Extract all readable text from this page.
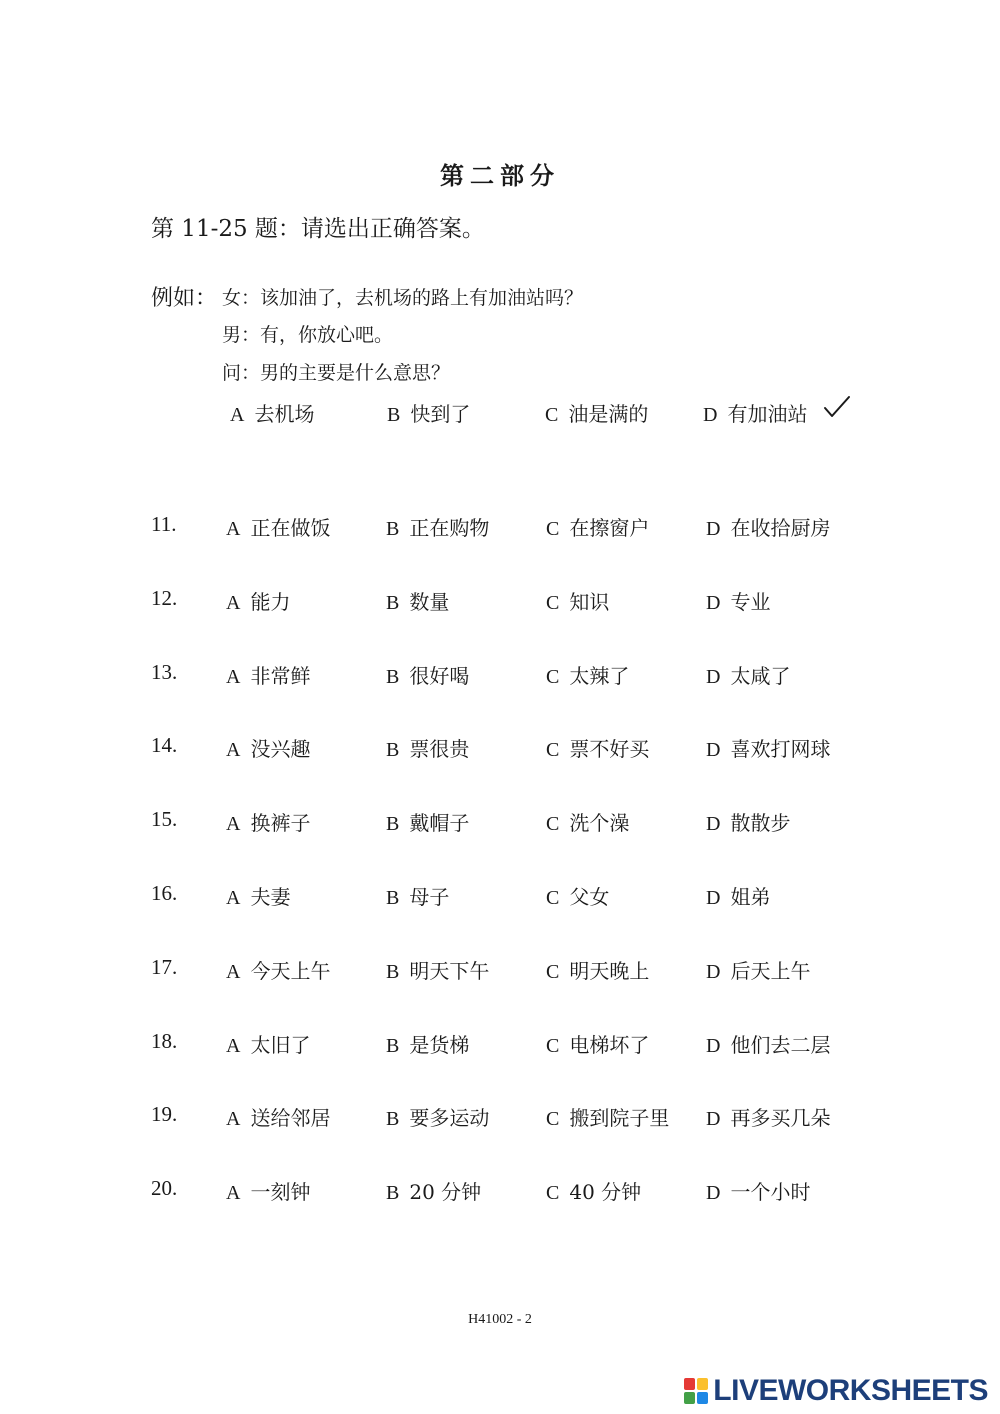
第二部分
第 11-25 题：请选出正确答案。
例如： 女：该加油了，去机场的路上有加油站吗？
男：有，你放心吧。
问：男的主要是什么意思？
A 去机场	B 快到了	C 油是满的	D 有加油站
11. A 正在做饭	B 正在购物	C 在擦窗户	D 在收拾厨房
12. A 能力	B 数量	C 知识	D 专业
13. A 非常鲜	B 很好喝	C 太辣了	D 太咸了
14. A 没兴趣	B 票很贵	C 票不好买	D 喜欢打网球
15. A 换裤子	B 戴帽子	C 洗个澡	D 散散步
16. A 夫妻	B 母子	C 父女	D 姐弟
17. A 今天上午	B 明天下午	C 明天晚上	D 后天上午
18. A 太旧了	B 是货梯	C 电梯坏了	D 他们去二层
19. A 送给邻居	B 要多运动	C 搬到院子里 D 再多买几朵
20. A 一刻钟	B 20 分钟	C 40 分钟	D 一个小时
H41002 - 2
LIVEWORKSHEETS
